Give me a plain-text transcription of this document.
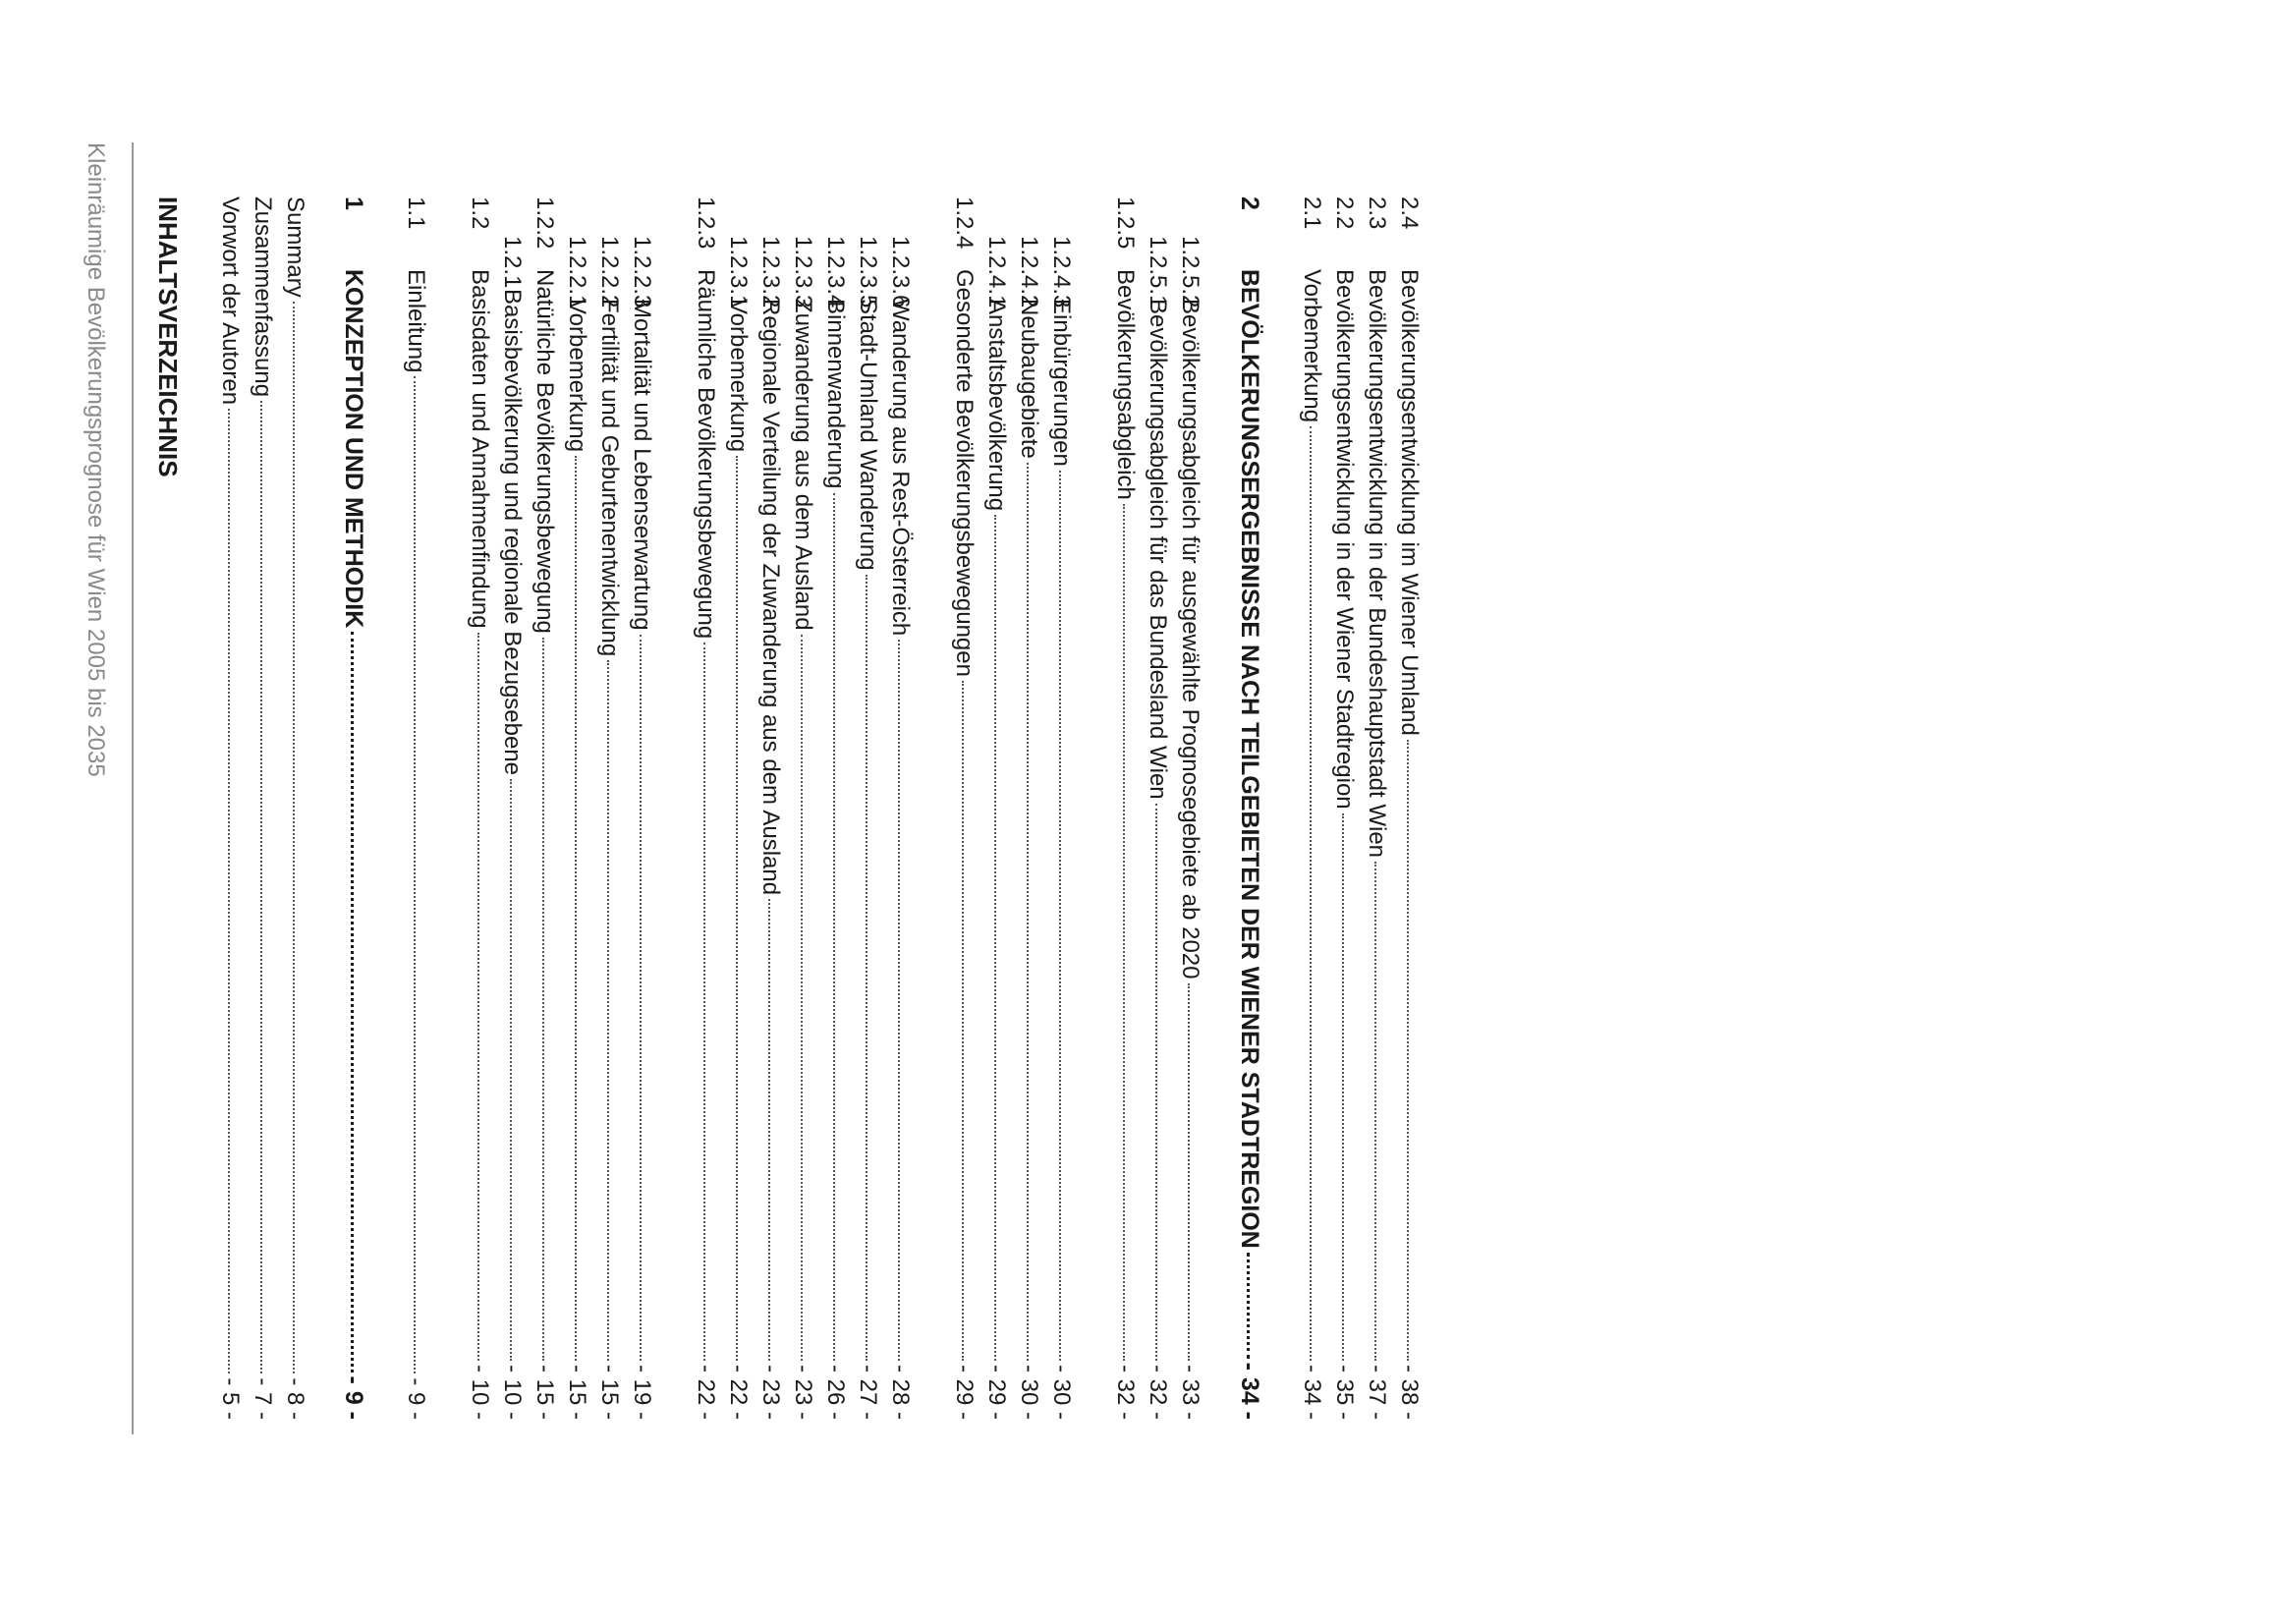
Kleinräumige Bevölkerungsprognose für Wien 2005 bis 2035 INHALTSVERZEICHNIS Vorwort der Autoren
- 5 -
Zusammenfassung
- 7 -
Summary
- 8 -
1
KONZEPTION UND METHODIK
- 9 -
1.1
Einleitung
- 9 -
1.2
Basisdaten und Annahmenfindung
- 10 -
1.2.1
Basisbevölkerung und regionale Bezugsebene
- 10 -
1.2.2
Natürliche Bevölkerungsbewegung
- 15 -
1.2.2.1
Vorbemerkung
- 15 -
1.2.2.2
Fertilität und Geburtenentwicklung
- 15 -
1.2.2.3
Mortalität und Lebenserwartung
- 19 -
1.2.3
Räumliche Bevölkerungsbewegung
- 22 -
1.2.3.1
Vorbemerkung
- 22 -
1.2.3.2
Regionale Verteilung der Zuwanderung aus dem Ausland
- 23 -
1.2.3.3
Zuwanderung aus dem Ausland
- 23 -
1.2.3.4
Binnenwanderung
- 26 -
1.2.3.5
Stadt-Umland Wanderung
- 27 -
1.2.3.6
Wanderung aus Rest-Österreich
- 28 -
1.2.4
Gesonderte Bevölkerungsbewegungen
- 29 -
1.2.4.1
Anstaltsbevölkerung
- 29 -
1.2.4.2
Neubaugebiete
- 30 -
1.2.4.3
Einbürgerungen
- 30 -
1.2.5
Bevölkerungsabgleich
- 32 -
1.2.5.1
Bevölkerungsabgleich für das Bundesland Wien
- 32 -
1.2.5.2
Bevölkerungsabgleich für ausgewählte Prognosegebiete ab 2020
- 33 -
2
BEVÖLKERUNGSERGEBNISSE NACH TEILGEBIETEN DER WIENER STADTREGION
- 34 -
2.1
Vorbemerkung
- 34 -
2.2
Bevölkerungsentwicklung in der Wiener Stadtregion
- 35 -
2.3
Bevölkerungsentwicklung in der Bundeshauptstadt Wien
- 37 -
2.4
Bevölkerungsentwicklung im Wiener Umland
- 38 -
